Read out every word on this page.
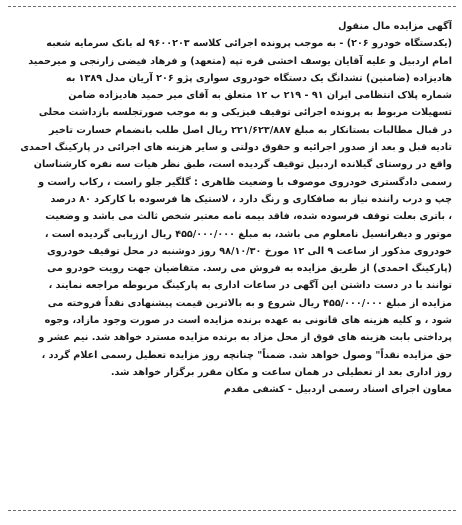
آگهی مزایده مال منقول
(یکدستگاه خودرو ۲۰۶) - به موجب پرونده اجرائی کلاسه ۹۶۰۰۲۰۳ له بانک سرمایه شعبه
امام اردبیل و علیه آقایان یوسف اخشی قره تپه (متعهد) و فرهاد فیضی زارنجی و میرحمید
هادیزاده (ضامنین) تشدانگ یک دستگاه خودروی سواری پژو ۲۰۶ آریان مدل ۱۳۸۹ به
شماره پلاک انتظامی ایران ۹۱ - ۲۱۹ ب ۱۲ متعلق به آقای میر حمید هادیزاده ضامن
تسهیلات مربوط به پرونده اجرائی توقیف فیزیکی و به موجب صورتجلسه بازداشت محلی
در قبال مطالبات بستانکار به مبلغ ۲۲۱/۶۲۳/۸۸۷ ریال اصل طلب بانضمام خسارت تاخیر
تادیه قبل و بعد از صدور اجرائیه و حقوق دولتی و سایر هزینه های اجرائی در پارکینگ احمدی
واقع در روستای گیلانده اردبیل توقیف گردیده است، طبق نظر هیات سه نفره کارشناسان
رسمی دادگستری خودروی موصوف با وضعیت ظاهری : گلگیر جلو راست ، رکاب راست و
چپ و درب راننده نیاز به صافکاری و رنگ دارد ، لاستیک ها فرسوده با کارکرد ۸۰ درصد
، باتری بعلت توقف فرسوده شده، فاقد بیمه نامه معتبر شخص ثالث می باشد و وضعیت
موتور و دیفرانسیل نامعلوم می باشد، به مبلغ ۴۵۵/۰۰۰/۰۰۰ ریال ارزیابی گردیده است ،
خودروی مذکور از ساعت ۹ الی ۱۲ مورخ ۹۸/۱۰/۳۰ روز دوشنبه در محل توقیف خودروی
(پارکینگ احمدی) از طریق مزایده به فروش می رسد. متقاضیان جهت رویت خودرو می
توانند با در دست داشتن این آگهی در ساعات اداری به پارکینگ مربوطه مراجعه نمایند ،
مزایده از مبلغ ۴۵۵/۰۰۰/۰۰۰ ریال شروع و به بالاترین قیمت پیشنهادی نقداً فروخته می
شود ، و کلیه هزینه های قانونی به عهده برنده مزایده است در صورت وجود مازاد، وجوه
پرداختی بابت هزینه های فوق از محل مزاد به برنده مزایده مسترد خواهد شد. نیم عشر و
حق مزایده نقداً" وصول خواهد شد. ضمناً" چنانچه روز مزایده تعطیل رسمی اعلام گردد ،
روز اداری بعد از تعطیلی در همان ساعت و مکان مقرر برگزار خواهد شد.
معاون اجرای اسناد رسمی اردبیل - کشفی مقدم
